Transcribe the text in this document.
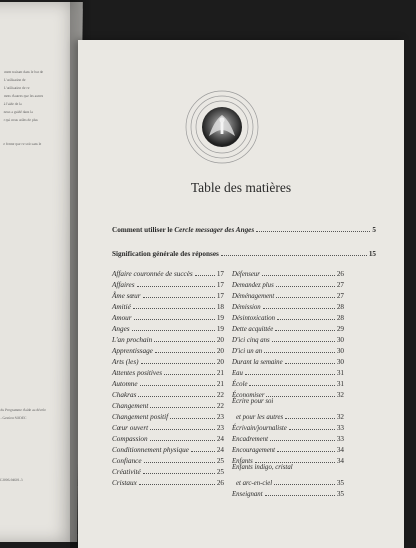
ment traitant dans le but de
L'utilisation de
L'utilisation de ce
mots d'autres que les autres
à l'aide de la
nous a guidé dans la
r qui nous utiles de plus
e forme que ce soit sans le
du Programme d'aide au dévelo
- Gestion SODEC
C2006-94601-3
Table des matières
Comment utiliser le Cercle messager des Anges	5
Signification générale des réponses	15
Affaire couronnée de succès	17
Affaires	17
Âme sœur	17
Amitié	18
Amour	19
Anges	19
L'an prochain	20
Apprentissage	20
Arts (les)	20
Attentes positives	21
Automne	21
Chakras	22
Changement	22
Changement positif	23
Cœur ouvert	23
Compassion	24
Conditionnement physique	24
Confiance	25
Créativité	25
Cristaux	26
Défenseur	26
Demandez plus	27
Déménagement	27
Démission	28
Désintoxication	28
Dette acquittée	29
D'ici cinq ans	30
D'ici un an	30
Durant la semaine	30
Eau	31
École	31
Économiser	32
Écrire pour soi
et pour les autres	32
Écrivain/journaliste	33
Encadrement	33
Encouragement	34
Enfants	34
Enfants indigo, cristal
et arc-en-ciel	35
Enseignant	35
